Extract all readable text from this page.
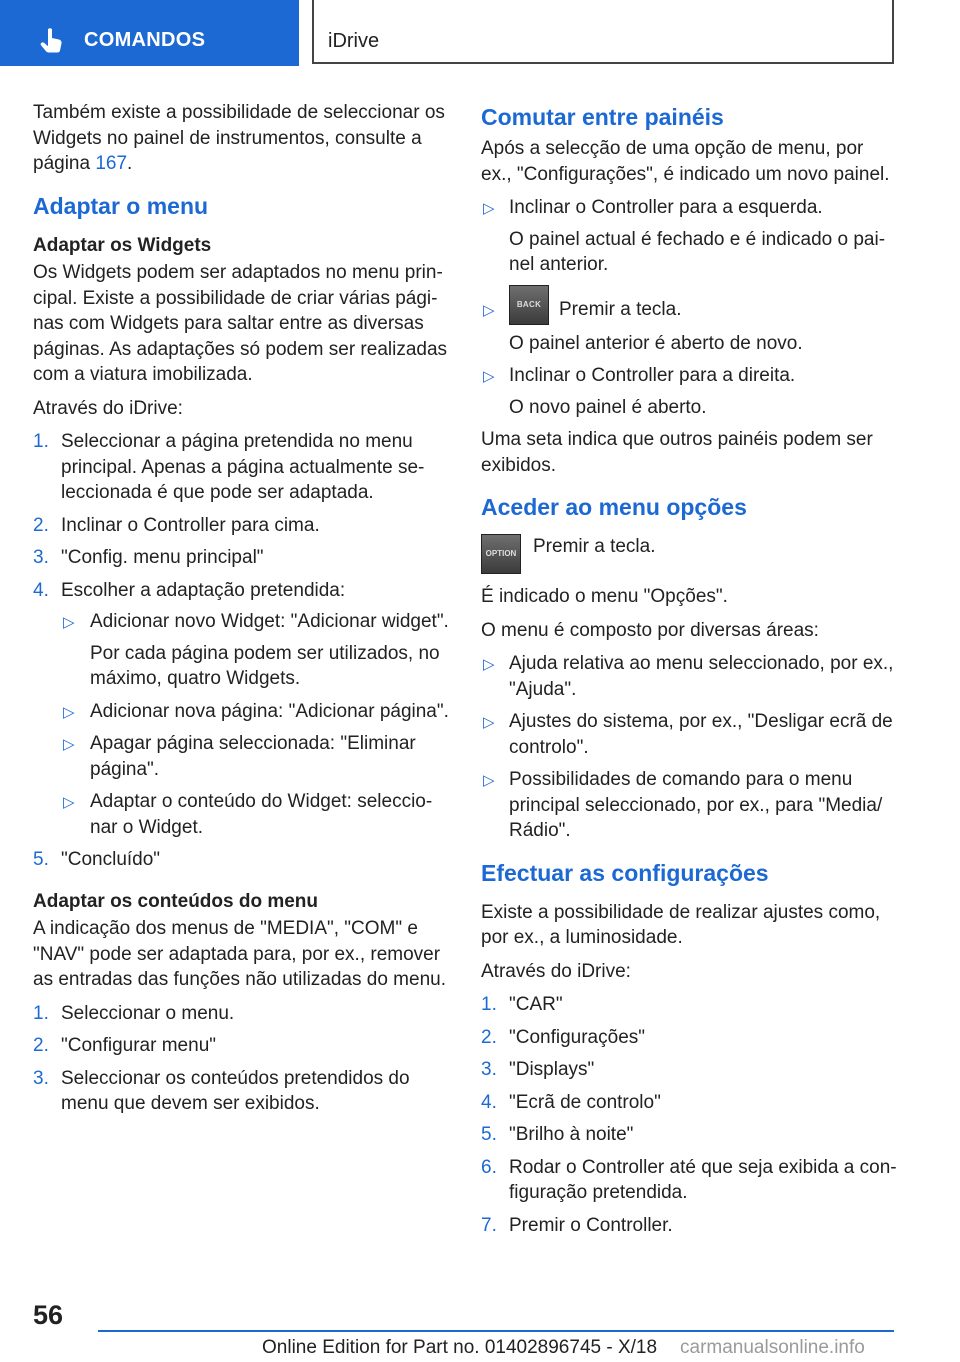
COMANDOS	iDrive

Também existe a possibilidade de seleccionar os Widgets no painel de instrumentos, consulte a página 167.

Adaptar o menu
Adaptar os Widgets

Os Widgets podem ser adaptados no menu principal. Existe a possibilidade de criar várias páginas com Widgets para saltar entre as diversas páginas. As adaptações só podem ser realizadas com a viatura imobilizada.

Através do iDrive:

1. Seleccionar a página pretendida no menu principal. Apenas a página actualmente seleccionada é que pode ser adaptada.
2. Inclinar o Controller para cima.
3. "Config. menu principal"
4. Escolher a adaptação pretendida:
▷ Adicionar novo Widget: "Adicionar widget".
Por cada página podem ser utilizados, no máximo, quatro Widgets.
▷ Adicionar nova página: "Adicionar página".
▷ Apagar página seleccionada: "Eliminar página".
▷ Adaptar o conteúdo do Widget: seleccionar o Widget.
5. "Concluído"
Adaptar os conteúdos do menu

A indicação dos menus de "MEDIA", "COM" e "NAV" pode ser adaptada para, por ex., remover as entradas das funções não utilizadas do menu.

1. Seleccionar o menu.
2. "Configurar menu"
3. Seleccionar os conteúdos pretendidos do menu que devem ser exibidos.
Comutar entre painéis

Após a selecção de uma opção de menu, por ex., "Configurações", é indicado um novo painel.

▷ Inclinar o Controller para a esquerda.
O painel actual é fechado e é indicado o painel anterior.
▷	BACK Premir a tecla.
O painel anterior é aberto de novo.
▷ Inclinar o Controller para a direita.
O novo painel é aberto.

Uma seta indica que outros painéis podem ser exibidos.

Aceder ao menu opções
OPTION Premir a tecla.

É indicado o menu "Opções".

O menu é composto por diversas áreas:

▷ Ajuda relativa ao menu seleccionado, por ex., "Ajuda".
▷ Ajustes do sistema, por ex., "Desligar ecrã de controlo".
▷ Possibilidades de comando para o menu principal seleccionado, por ex., para "Media/ Rádio".
Efectuar as configurações

Existe a possibilidade de realizar ajustes como, por ex., a luminosidade.

Através do iDrive:

1. "CAR"
2. "Configurações"
3. "Displays"
4. "Ecrã de controlo"
5. "Brilho à noite"
6. Rodar o Controller até que seja exibida a configuração pretendida.
7. Premir o Controller.
56
Online Edition for Part no. 01402896745 - X/18 carmanualsonline.info
